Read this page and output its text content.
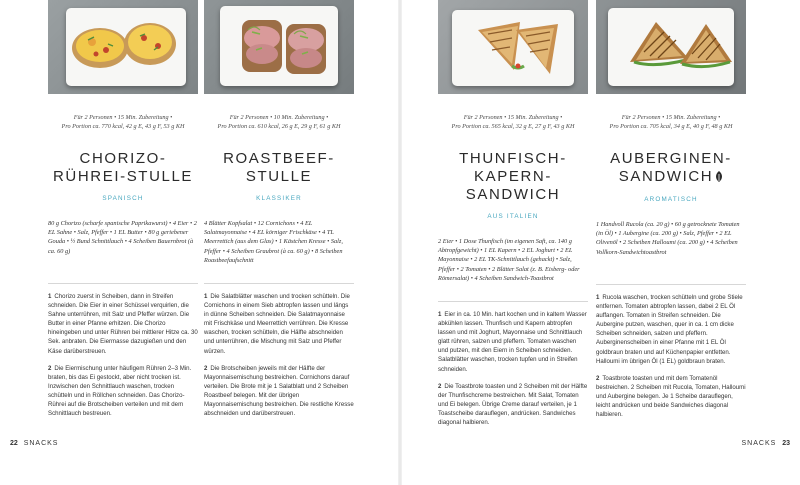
Für 2 Personen • 15 Min. Zubereitung •
Pro Portion ca. 770 kcal, 42 g E, 43 g F, 53 g KH
CHORIZO-
RÜHREI-STULLE
SPANISCH
80 g Chorizo (scharfe spanische Paprikawurst) • 4 Eier • 2 EL Sahne • Salz, Pfeffer • 1 EL Butter • 80 g geriebener Gouda • ½ Bund Schnittlauch • 4 Scheiben Bauernbrot (à ca. 60 g)
1 Chorizo zuerst in Scheiben, dann in Streifen schneiden. Die Eier in einer Schüssel verquirlen, die Sahne unterrühren, mit Salz und Pfeffer würzen. Die Butter in einer Pfanne erhitzen. Die Chorizo hineingeben und unter Rühren bei mittlerer Hitze ca. 30 Sek. anbraten. Die Eiermasse dazugießen und den Käse darüberstreuen.
2 Die Eiermischung unter häufigem Rühren 2–3 Min. braten, bis das Ei gestockt, aber nicht trocken ist. Inzwischen den Schnittlauch waschen, trocken schütteln und in Röllchen schneiden. Das Chorizo-Rührei auf die Brotscheiben verteilen und mit dem Schnittlauch bestreuen.
Für 2 Personen • 10 Min. Zubereitung •
Pro Portion ca. 610 kcal, 26 g E, 29 g F, 61 g KH
ROASTBEEF-
STULLE
KLASSIKER
4 Blätter Kopfsalat • 12 Cornichons • 4 EL Salatmayonnaise • 4 EL körniger Frischkäse • 4 TL Meerrettich (aus dem Glas) • 1 Kästchen Kresse • Salz, Pfeffer • 4 Scheiben Graubrot (à ca. 60 g) • 8 Scheiben Roastbeefaufschnitt
1 Die Salatblätter waschen und trocken schütteln. Die Cornichons in einem Sieb abtropfen lassen und längs in dünne Scheiben schneiden. Die Salatmayonnaise mit Frischkäse und Meerrettich verrühren. Die Kresse waschen, trocken schütteln, die Hälfte abschneiden und unterrühren, die Mischung mit Salz und Pfeffer würzen.
2 Die Brotscheiben jeweils mit der Hälfte der Mayonnaisemischung bestreichen. Cornichons darauf verteilen. Die Brote mit je 1 Salatblatt und 2 Scheiben Roastbeef belegen. Mit der übrigen Mayonnaisemischung bestreichen. Die restliche Kresse abschneiden und darüberstreuen.
Für 2 Personen • 15 Min. Zubereitung •
Pro Portion ca. 565 kcal, 32 g E, 27 g F, 43 g KH
THUNFISCH-
KAPERN-SANDWICH
AUS ITALIEN
2 Eier • 1 Dose Thunfisch (im eigenen Saft, ca. 140 g Abtropfgewicht) • 1 EL Kapern • 2 EL Joghurt • 2 EL Mayonnaise • 2 EL TK-Schnittlauch (gehackt) • Salz, Pfeffer • 2 Tomaten • 2 Blätter Salat (z. B. Eisberg- oder Römersalat) • 4 Scheiben Sandwich-Toastbrot
1 Eier in ca. 10 Min. hart kochen und in kaltem Wasser abkühlen lassen. Thunfisch und Kapern abtropfen lassen und mit Joghurt, Mayonnaise und Schnittlauch glatt rühren, salzen und pfeffern. Tomaten waschen und putzen, mit den Eiern in Scheiben schneiden. Salatblätter waschen, trocken tupfen und in Streifen schneiden.
2 Die Toastbrote toasten und 2 Scheiben mit der Hälfte der Thunfischcreme bestreichen. Mit Salat, Tomaten und Ei belegen. Übrige Creme darauf verteilen, je 1 Toastscheibe darauflegen, andrücken. Sandwiches diagonal halbieren.
Für 2 Personen • 15 Min. Zubereitung •
Pro Portion ca. 705 kcal, 34 g E, 40 g F, 48 g KH
AUBERGINEN-
SANDWICH
AROMATISCH
1 Handvoll Rucola (ca. 20 g) • 60 g getrocknete Tomaten (in Öl) • 1 Aubergine (ca. 200 g) • Salz, Pfeffer • 2 EL Olivenöl • 2 Scheiben Halloumi (ca. 200 g) • 4 Scheiben Vollkorn-Sandwichtoastbrot
1 Rucola waschen, trocken schütteln und grobe Stiele entfernen. Tomaten abtropfen lassen, dabei 2 EL Öl auffangen. Tomaten in Streifen schneiden. Die Aubergine putzen, waschen, quer in ca. 1 cm dicke Scheiben schneiden, salzen und pfeffern. Auberginenscheiben in einer Pfanne mit 1 EL Öl goldbraun braten und auf Küchenpapier entfetten. Halloumi im übrigen Öl (1 EL) goldbraun braten.
2 Toastbrote toasten und mit dem Tomatenöl bestreichen. 2 Scheiben mit Rucola, Tomaten, Halloumi und Aubergine belegen. Je 1 Scheibe darauflegen, leicht andrücken und beide Sandwiches diagonal halbieren.
22 SNACKS	SNACKS 23
